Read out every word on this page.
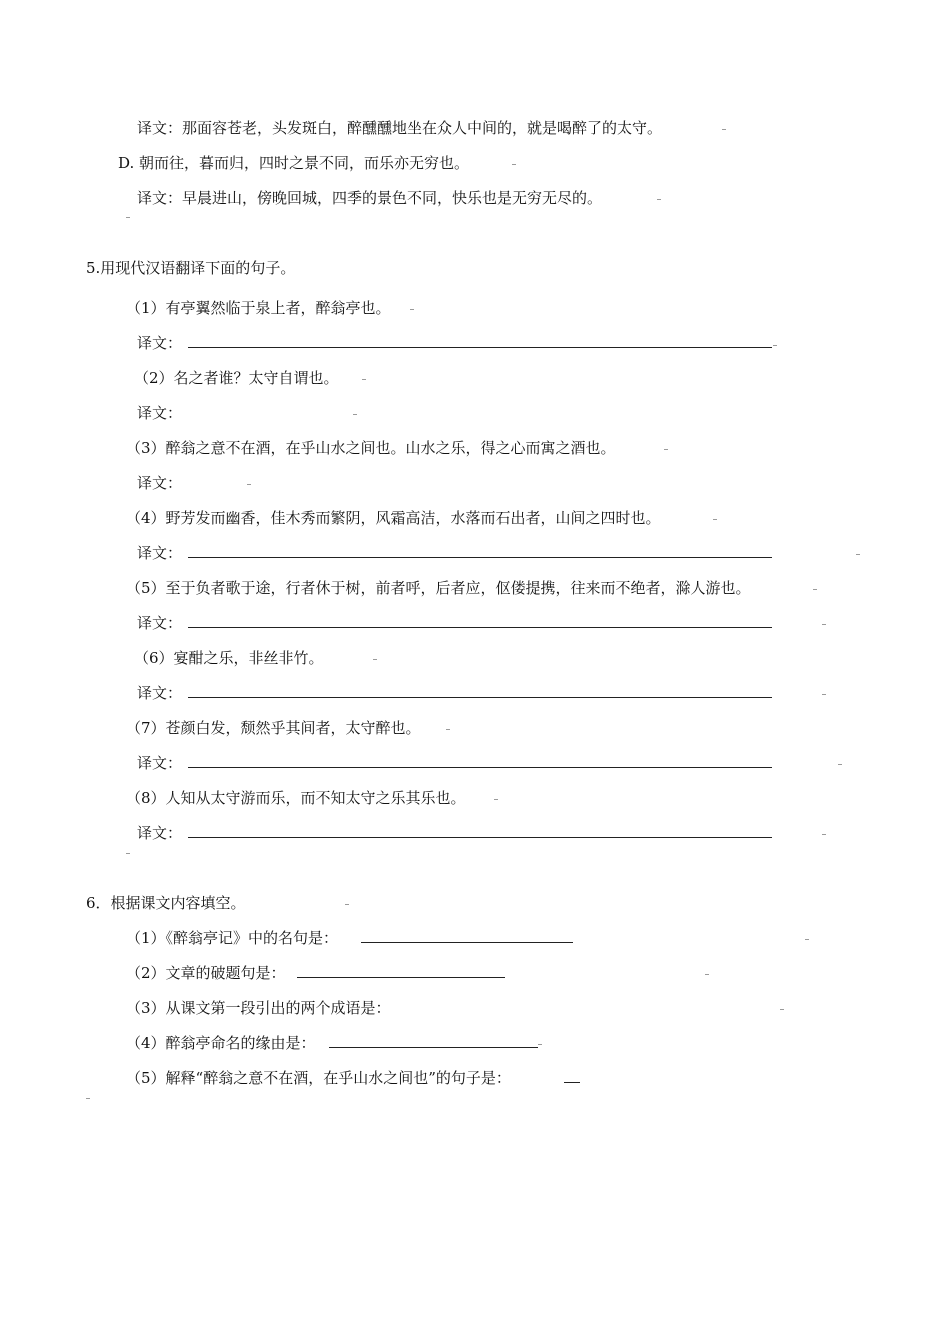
译文：那面容苍老，头发斑白，醉醺醺地坐在众人中间的，就是喝醉了的太守。
D. 朝而往，暮而归，四时之景不同，而乐亦无穷也。
译文：早晨进山，傍晚回城，四季的景色不同，快乐也是无穷无尽的。
5.用现代汉语翻译下面的句子。
（1）有亭翼然临于泉上者，醉翁亭也。
译文：
（2）名之者谁？太守自谓也。
译文：
（3）醉翁之意不在酒，在乎山水之间也。山水之乐，得之心而寓之酒也。
译文：
（4）野芳发而幽香，佳木秀而繁阴，风霜高洁，水落而石出者，山间之四时也。
译文：
（5）至于负者歌于途，行者休于树，前者呼，后者应，伛偻提携，往来而不绝者，滁人游也。
译文：
（6）宴酣之乐，非丝非竹。
译文：
（7）苍颜白发，颓然乎其间者，太守醉也。
译文：
（8）人知从太守游而乐，而不知太守之乐其乐也。
译文：
6．根据课文内容填空。
（1）《醉翁亭记》中的名句是：
（2）文章的破题句是：
（3）从课文第一段引出的两个成语是：
（4）醉翁亭命名的缘由是：
（5）解释“醉翁之意不在酒，在乎山水之间也”的句子是：
